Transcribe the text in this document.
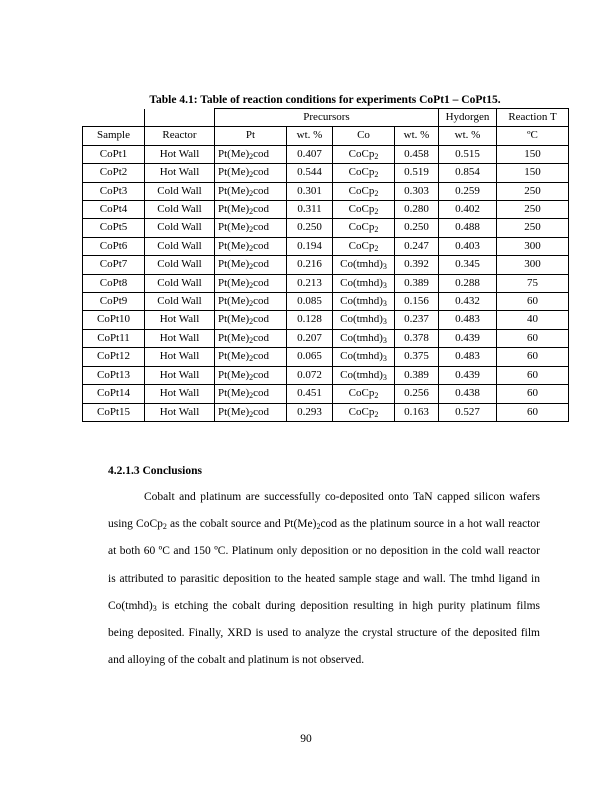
Table 4.1: Table of reaction conditions for experiments CoPt1 – CoPt15.
		Precursors				Hydorgen	Reaction T
Sample	Reactor	Pt	wt. %	Co	wt. %	wt. %	ºC
CoPt1	Hot Wall	$Pt(Me)_2cod$	0.407	CoCp$_2$	0.458	0.515	150
CoPt2	Hot Wall	$Pt(Me)_2cod$	0.544	CoCp$_2$	0.519	0.854	150
CoPt3	Cold Wall	$Pt(Me)_2cod$	0.301	CoCp$_2$	0.303	0.259	250
CoPt4	Cold Wall	$Pt(Me)_2cod$	0.311	CoCp$_2$	0.280	0.402	250
CoPt5	Cold Wall	$Pt(Me)_2cod$	0.250	CoCp$_2$	0.250	0.488	250
CoPt6	Cold Wall	$Pt(Me)_2cod$	0.194	CoCp$_2$	0.247	0.403	300
CoPt7	Cold Wall	$Pt(Me)_2cod$	0.216	$Co(tmhd)_3$	0.392	0.345	300
CoPt8	Cold Wall	$Pt(Me)_2cod$	0.213	$Co(tmhd)_3$	0.389	0.288	75
CoPt9	Cold Wall	$Pt(Me)_2cod$	0.085	$Co(tmhd)_3$	0.156	0.432	60
CoPt10	Hot Wall	$Pt(Me)_2cod$	0.128	$Co(tmhd)_3$	0.237	0.483	40
CoPt11	Hot Wall	$Pt(Me)_2cod$	0.207	$Co(tmhd)_3$	0.378	0.439	60
CoPt12	Hot Wall	$Pt(Me)_2cod$	0.065	$Co(tmhd)_3$	0.375	0.483	60
CoPt13	Hot Wall	$Pt(Me)_2cod$	0.072	$Co(tmhd)_3$	0.389	0.439	60
CoPt14	Hot Wall	$Pt(Me)_2cod$	0.451	CoCp$_2$	0.256	0.438	60
CoPt15	Hot Wall	$Pt(Me)_2cod$	0.293	CoCp$_2$	0.163	0.527	60
4.2.1.3 Conclusions

Cobalt and platinum are successfully co-deposited onto TaN capped silicon wafers using CoCp$_2$ as the cobalt source and $Pt(Me)_2cod$ as the platinum source in a hot wall reactor at both 60 ºC and 150 ºC. Platinum only deposition or no deposition in the cold wall reactor is attributed to parasitic deposition to the heated sample stage and wall. The tmhd ligand in $Co(tmhd)_3$ is etching the cobalt during deposition resulting in high purity platinum films being deposited. Finally, XRD is used to analyze the crystal structure of the deposited film and alloying of the cobalt and platinum is not observed.

90
